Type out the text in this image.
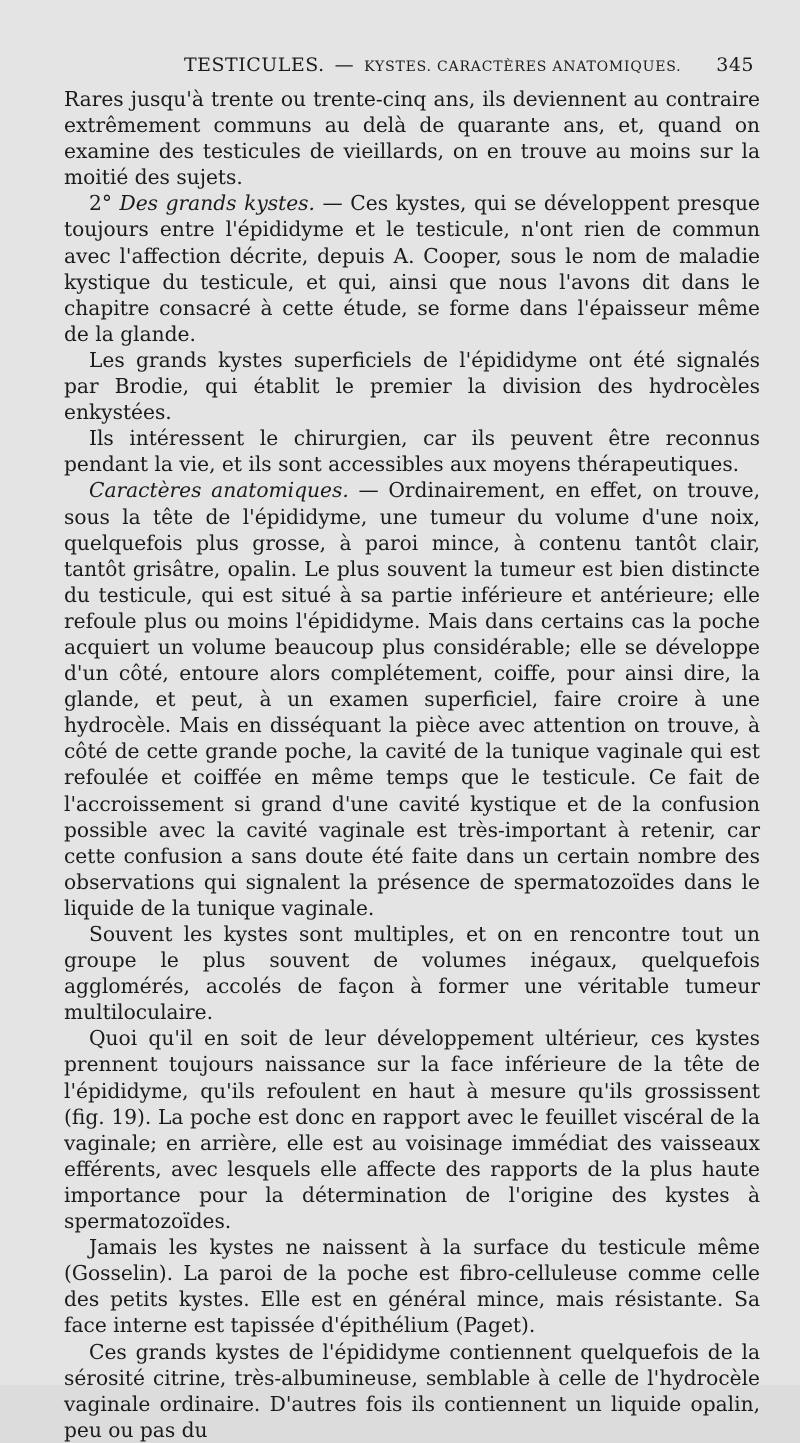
TESTICULES. — KYSTES. CARACTÈRES ANATOMIQUES. 345

Rares jusqu'à trente ou trente-cinq ans, ils deviennent au contraire extrêmement communs au delà de quarante ans, et, quand on examine des testicules de vieillards, on en trouve au moins sur la moitié des sujets.

2° Des grands kystes. — Ces kystes, qui se développent presque toujours entre l'épididyme et le testicule, n'ont rien de commun avec l'affection décrite, depuis A. Cooper, sous le nom de maladie kystique du testicule, et qui, ainsi que nous l'avons dit dans le chapitre consacré à cette étude, se forme dans l'épaisseur même de la glande.

Les grands kystes superficiels de l'épididyme ont été signalés par Brodie, qui établit le premier la division des hydrocèles enkystées.

Ils intéressent le chirurgien, car ils peuvent être reconnus pendant la vie, et ils sont accessibles aux moyens thérapeutiques.

Caractères anatomiques. — Ordinairement, en effet, on trouve, sous la tête de l'épididyme, une tumeur du volume d'une noix, quelquefois plus grosse, à paroi mince, à contenu tantôt clair, tantôt grisâtre, opalin. Le plus souvent la tumeur est bien distincte du testicule, qui est situé à sa partie inférieure et antérieure; elle refoule plus ou moins l'épididyme. Mais dans certains cas la poche acquiert un volume beaucoup plus considérable; elle se développe d'un côté, entoure alors complétement, coiffe, pour ainsi dire, la glande, et peut, à un examen superficiel, faire croire à une hydrocèle. Mais en disséquant la pièce avec attention on trouve, à côté de cette grande poche, la cavité de la tunique vaginale qui est refoulée et coiffée en même temps que le testicule. Ce fait de l'accroissement si grand d'une cavité kystique et de la confusion possible avec la cavité vaginale est très-important à retenir, car cette confusion a sans doute été faite dans un certain nombre des observations qui signalent la présence de spermatozoïdes dans le liquide de la tunique vaginale.

Souvent les kystes sont multiples, et on en rencontre tout un groupe le plus souvent de volumes inégaux, quelquefois agglomérés, accolés de façon à former une véritable tumeur multiloculaire.

Quoi qu'il en soit de leur développement ultérieur, ces kystes prennent toujours naissance sur la face inférieure de la tête de l'épididyme, qu'ils refoulent en haut à mesure qu'ils grossissent (fig. 19). La poche est donc en rapport avec le feuillet viscéral de la vaginale; en arrière, elle est au voisinage immédiat des vaisseaux efférents, avec lesquels elle affecte des rapports de la plus haute importance pour la détermination de l'origine des kystes à spermatozoïdes.

Jamais les kystes ne naissent à la surface du testicule même (Gosselin). La paroi de la poche est fibro-celluleuse comme celle des petits kystes. Elle est en général mince, mais résistante. Sa face interne est tapissée d'épithélium (Paget).

Ces grands kystes de l'épididyme contiennent quelquefois de la sérosité citrine, très-albumineuse, semblable à celle de l'hydrocèle vaginale ordinaire. D'autres fois ils contiennent un liquide opalin, peu ou pas du
